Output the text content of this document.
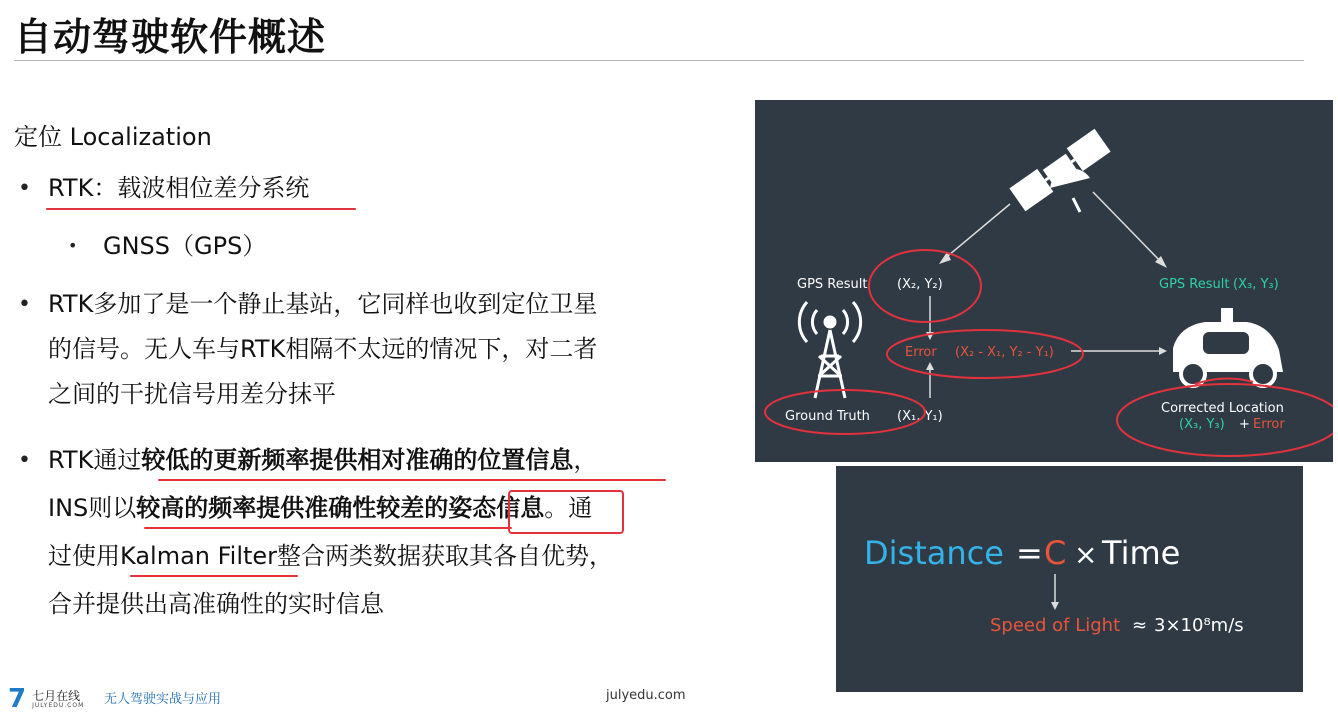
自动驾驶软件概述
定位 Localization
• RTK：载波相位差分系统
• GNSS（GPS）
• RTK多加了是一个静止基站，它同样也收到定位卫星
的信号。无人车与RTK相隔不太远的情况下，对二者
之间的干扰信号用差分抹平
• RTK通过较低的更新频率提供相对准确的位置信息，
INS则以较高的频率提供准确性较差的姿态信息。通
过使用Kalman Filter整合两类数据获取其各自优势，
合并提供出高准确性的实时信息
GPS Result (X₂, Y₂)
Error (X₂ - X₁, Y₂ - Y₁)
Ground Truth (X₁, Y₁)
GPS Result (X₃, Y₃)
Corrected Location
(X₃, Y₃) + Error
Distance = C × Time
Speed of Light ≈ 3×10⁸m/s
7 七月在线
JULYEDU.COM 无人驾驶实战与应用	julyedu.com
